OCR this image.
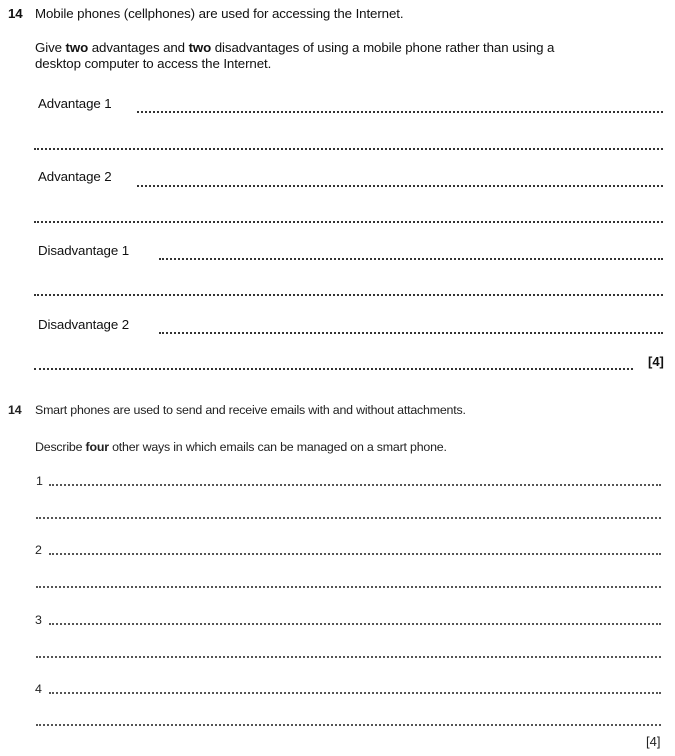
14 Mobile phones (cellphones) are used for accessing the Internet.
Give two advantages and two disadvantages of using a mobile phone rather than using a
desktop computer to access the Internet.
Advantage 1
Advantage 2
Disadvantage 1
Disadvantage 2
[4]
14 Smart phones are used to send and receive emails with and without attachments.
Describe four other ways in which emails can be managed on a smart phone.
1
2
3
4
[4]
